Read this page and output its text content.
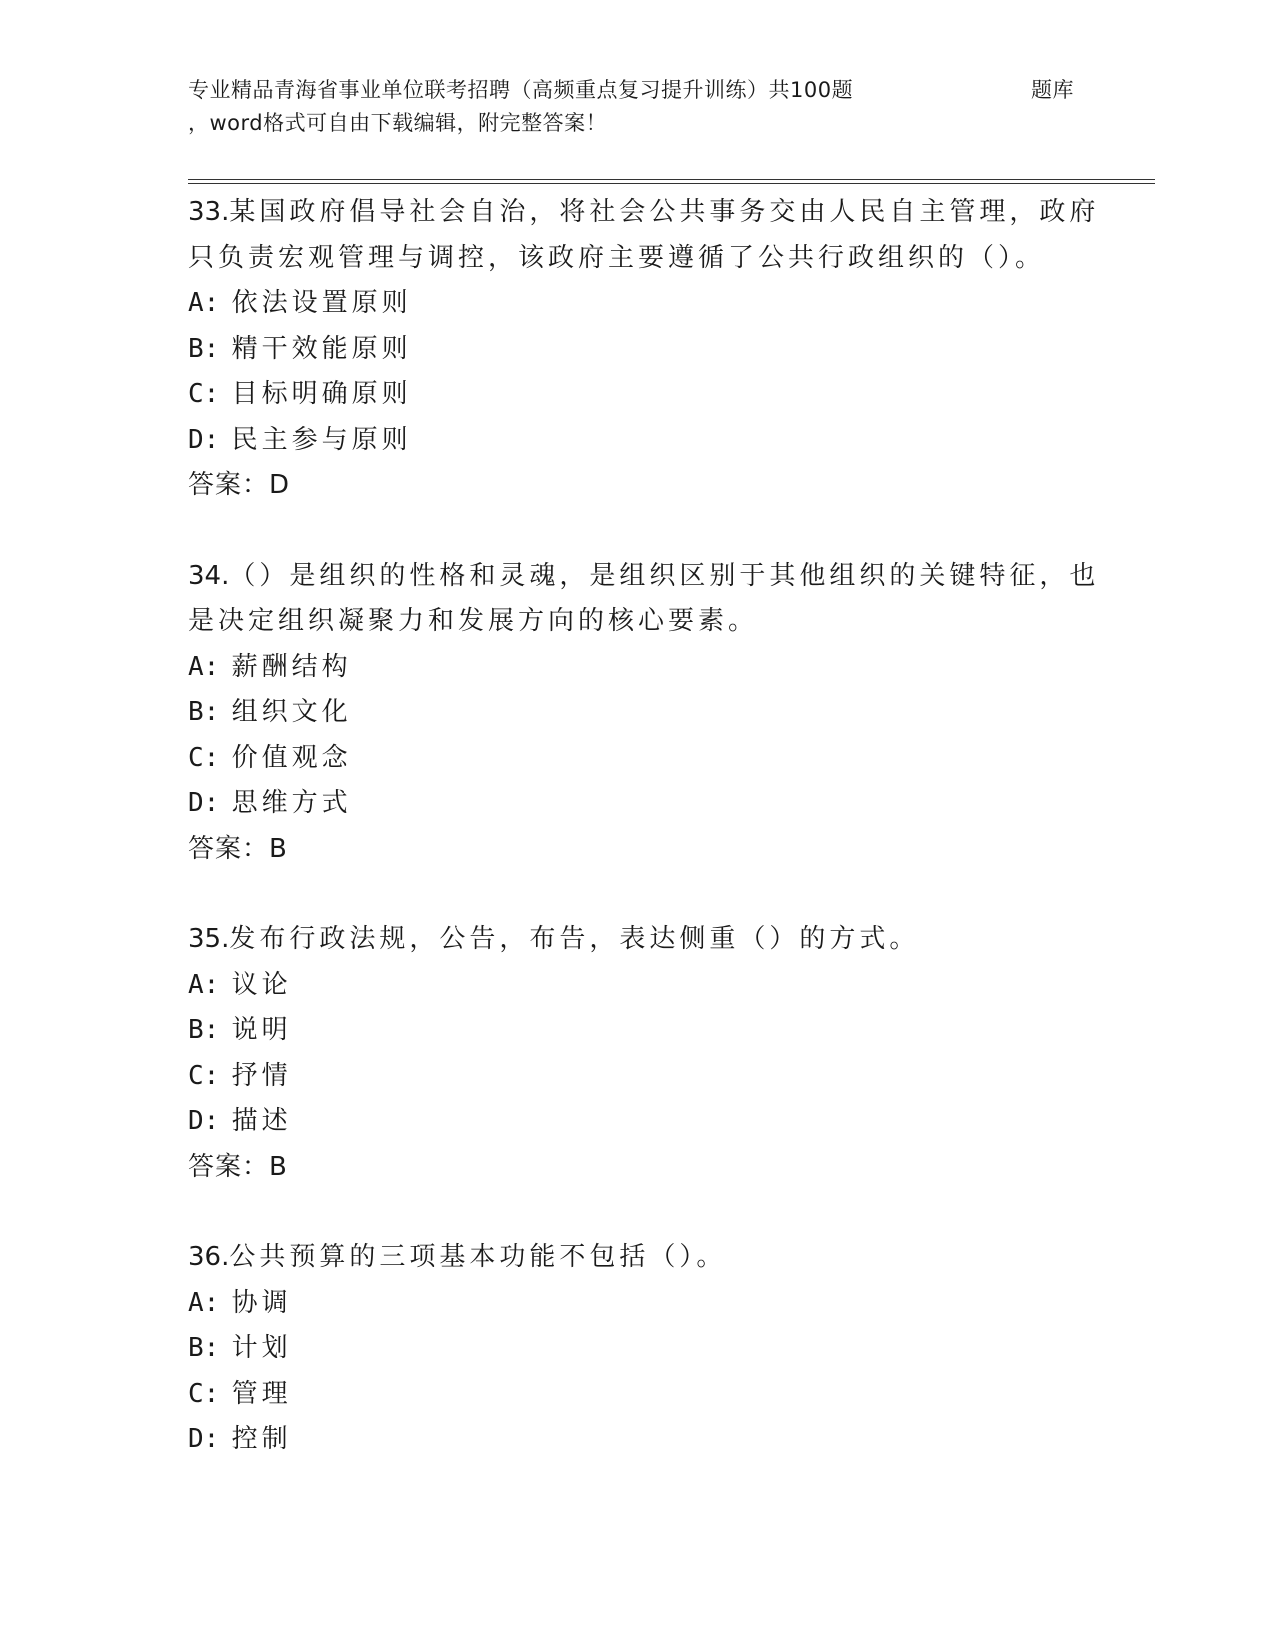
专业精品青海省事业单位联考招聘（高频重点复习提升训练）共100题	题库
，word格式可自由下载编辑，附完整答案！
33.某国政府倡导社会自治，将社会公共事务交由人民自主管理，政府
只负责宏观管理与调控，该政府主要遵循了公共行政组织的（）。
A: 依法设置原则
B: 精干效能原则
C: 目标明确原则
D: 民主参与原则
答案：D
34.（）是组织的性格和灵魂，是组织区别于其他组织的关键特征，也
是决定组织凝聚力和发展方向的核心要素。
A: 薪酬结构
B: 组织文化
C: 价值观念
D: 思维方式
答案：B
35.发布行政法规，公告，布告，表达侧重（）的方式。
A: 议论
B: 说明
C: 抒情
D: 描述
答案：B
36.公共预算的三项基本功能不包括（）。
A: 协调
B: 计划
C: 管理
D: 控制
